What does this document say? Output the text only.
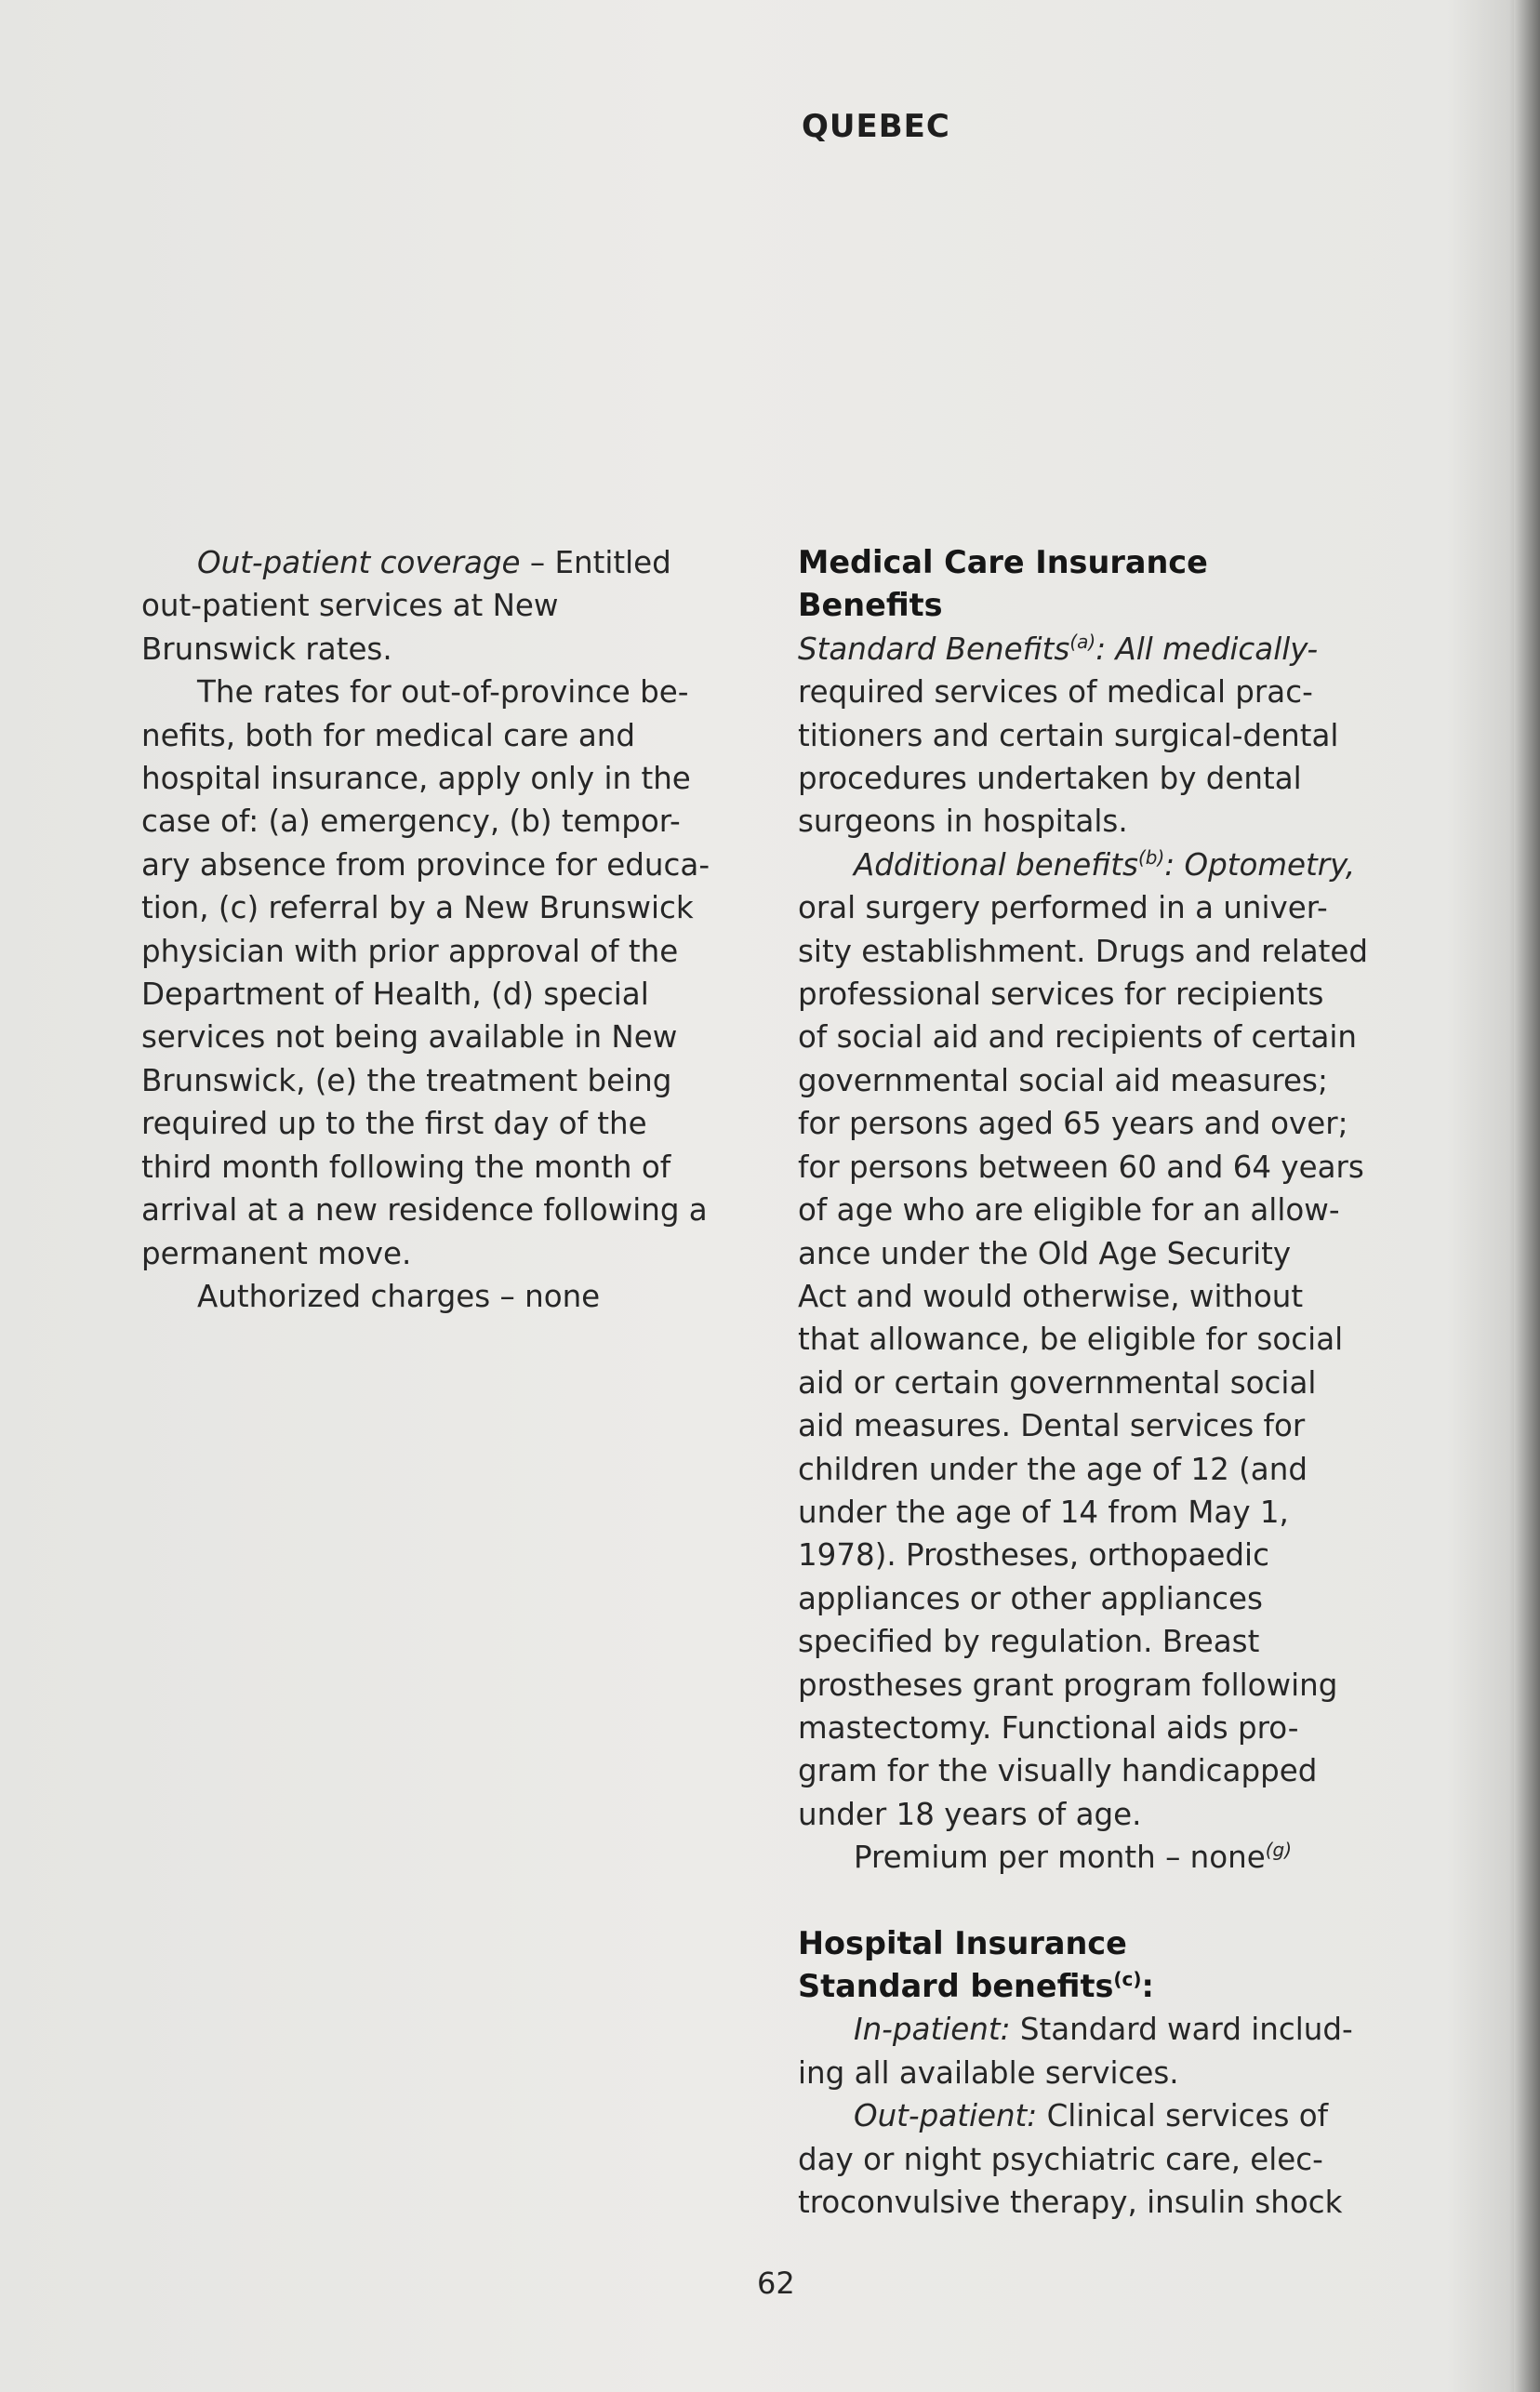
QUEBEC

Out-patient coverage – Entitled

out-patient services at New

Brunswick rates.

The rates for out-of-province be-

nefits, both for medical care and

hospital insurance, apply only in the

case of: (a) emergency, (b) tempor-

ary absence from province for educa-

tion, (c) referral by a New Brunswick

physician with prior approval of the

Department of Health, (d) special

services not being available in New

Brunswick, (e) the treatment being

required up to the first day of the

third month following the month of

arrival at a new residence following a

permanent move.

Authorized charges – none

Medical Care Insurance

Benefits

Standard Benefits$^{(a)}$: All medically-

required services of medical prac-

titioners and certain surgical-dental

procedures undertaken by dental

surgeons in hospitals.

Additional benefits$^{(b)}$: Optometry,

oral surgery performed in a univer-

sity establishment. Drugs and related

professional services for recipients

of social aid and recipients of certain

governmental social aid measures;

for persons aged 65 years and over;

for persons between 60 and 64 years

of age who are eligible for an allow-

ance under the Old Age Security

Act and would otherwise, without

that allowance, be eligible for social

aid or certain governmental social

aid measures. Dental services for

children under the age of 12 (and

under the age of 14 from May 1,

1978). Prostheses, orthopaedic

appliances or other appliances

specified by regulation. Breast

prostheses grant program following

mastectomy. Functional aids pro-

gram for the visually handicapped

under 18 years of age.

Premium per month – none$^{(g)}$

Hospital Insurance

Standard benefits$^{(c)}$:

In-patient: Standard ward includ-

ing all available services.

Out-patient: Clinical services of

day or night psychiatric care, elec-

troconvulsive therapy, insulin shock

62
